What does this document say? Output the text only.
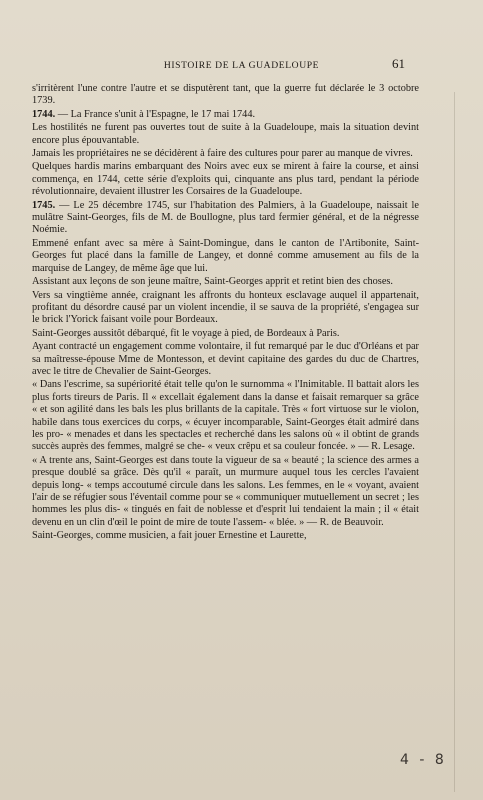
HISTOIRE DE LA GUADELOUPE	61

s'irritèrent l'une contre l'autre et se disputèrent tant, que la guerre fut déclarée le 3 octobre 1739.

1744. — La France s'unit à l'Espagne, le 17 mai 1744.

Les hostilités ne furent pas ouvertes tout de suite à la Guadeloupe, mais la situation devint encore plus épouvantable.

Jamais les propriétaires ne se décidèrent à faire des cultures pour parer au manque de vivres.

Quelques hardis marins embarquant des Noirs avec eux se mirent à faire la course, et ainsi commença, en 1744, cette série d'exploits qui, cinquante ans plus tard, pendant la période révolutionnaire, devaient illustrer les Corsaires de la Guadeloupe.

1745. — Le 25 décembre 1745, sur l'habitation des Palmiers, à la Guadeloupe, naissait le mulâtre Saint-Georges, fils de M. de Boullogne, plus tard fermier général, et de la négresse Noémie.

Emmené enfant avec sa mère à Saint-Domingue, dans le canton de l'Artibonite, Saint-Georges fut placé dans la famille de Langey, et donné comme amusement au fils de la marquise de Langey, de même âge que lui.

Assistant aux leçons de son jeune maître, Saint-Georges apprit et retint bien des choses.

Vers sa vingtième année, craignant les affronts du honteux esclavage auquel il appartenait, profitant du désordre causé par un violent incendie, il se sauva de la propriété, s'engagea sur le brick l'Yorick faisant voile pour Bordeaux.

Saint-Georges aussitôt débarqué, fit le voyage à pied, de Bordeaux à Paris.

Ayant contracté un engagement comme volontaire, il fut remarqué par le duc d'Orléans et par sa maîtresse-épouse Mme de Montesson, et devint capitaine des gardes du duc de Chartres, avec le titre de Chevalier de Saint-Georges.

« Dans l'escrime, sa supériorité était telle qu'on le surnomma « l'Inimitable. Il battait alors les plus forts tireurs de Paris. Il « excellait également dans la danse et faisait remarquer sa grâce « et son agilité dans les bals les plus brillants de la capitale. Très « fort virtuose sur le violon, habile dans tous exercices du corps, « écuyer incomparable, Saint-Georges était admiré dans les pro- « menades et dans les spectacles et recherché dans les salons où « il obtint de grands succès auprès des femmes, malgré se che- « veux crêpu et sa couleur foncée. » — R. Lesage.

« A trente ans, Saint-Georges est dans toute la vigueur de sa « beauté ; la science des armes a presque doublé sa grâce. Dès qu'il « paraît, un murmure auquel tous les cercles l'avaient depuis long- « temps accoutumé circule dans les salons. Les femmes, en le « voyant, avaient l'air de se réfugier sous l'éventail comme pour se « communiquer mutuellement un secret ; les hommes les plus dis- « tingués en fait de noblesse et d'esprit lui tendaient la main ; il « était devenu en un clin d'œil le point de mire de toute l'assem- « blée. » — R. de Beauvoir.

Saint-Georges, comme musicien, a fait jouer Ernestine et Laurette,

4 - 8
